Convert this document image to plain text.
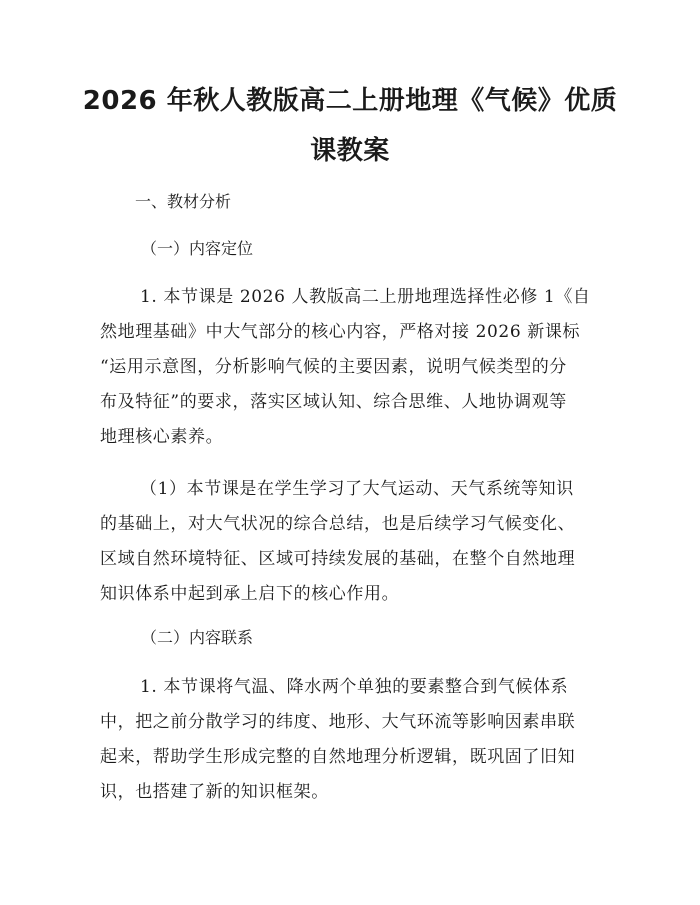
2026 年秋人教版高二上册地理《气候》优质
课教案
一、教材分析
（一）内容定位
1. 本节课是 2026 人教版高二上册地理选择性必修 1《自
然地理基础》中大气部分的核心内容，严格对接 2026 新课标
“运用示意图，分析影响气候的主要因素，说明气候类型的分
布及特征”的要求，落实区域认知、综合思维、人地协调观等
地理核心素养。
（1）本节课是在学生学习了大气运动、天气系统等知识
的基础上，对大气状况的综合总结，也是后续学习气候变化、
区域自然环境特征、区域可持续发展的基础，在整个自然地理
知识体系中起到承上启下的核心作用。
（二）内容联系
1. 本节课将气温、降水两个单独的要素整合到气候体系
中，把之前分散学习的纬度、地形、大气环流等影响因素串联
起来，帮助学生形成完整的自然地理分析逻辑，既巩固了旧知
识，也搭建了新的知识框架。
